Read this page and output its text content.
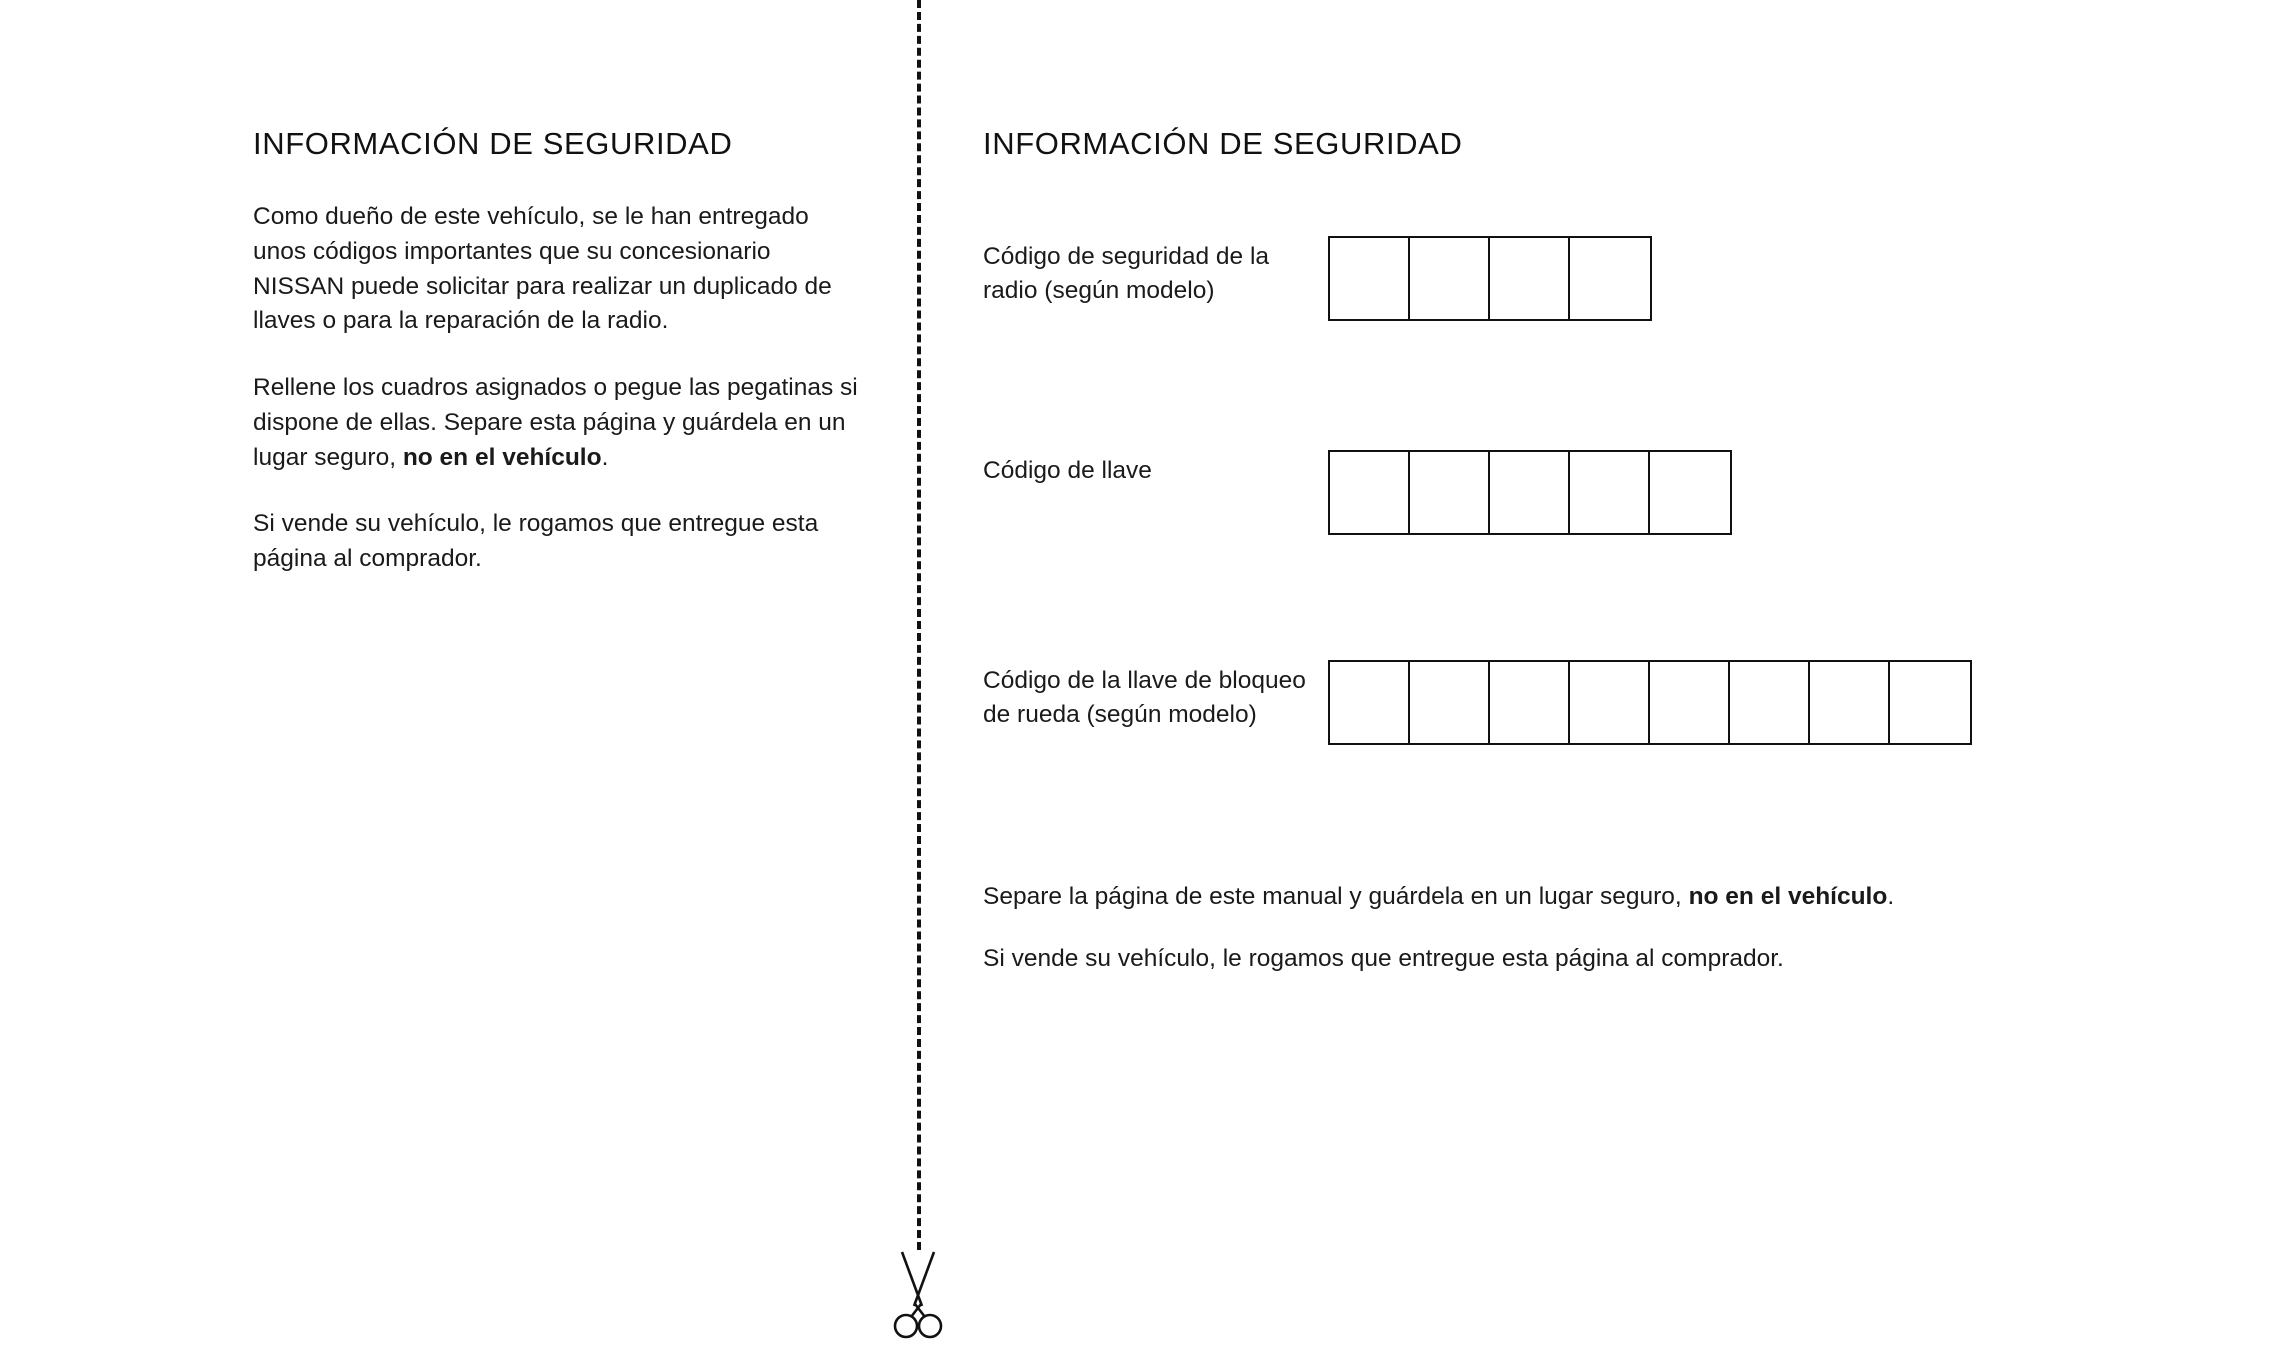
INFORMACIÓN DE SEGURIDAD

Como dueño de este vehículo, se le han entregado unos códigos importantes que su concesionario NISSAN puede solicitar para realizar un duplicado de llaves o para la reparación de la radio.

Rellene los cuadros asignados o pegue las pegatinas si dispone de ellas. Separe esta página y guárdela en un lugar seguro, no en el vehículo.

Si vende su vehículo, le rogamos que entregue esta página al comprador.

INFORMACIÓN DE SEGURIDAD
Código de seguridad de la radio (según modelo)
Código de llave
Código de la llave de bloqueo de rueda (según modelo)

Separe la página de este manual y guárdela en un lugar seguro, no en el vehículo.

Si vende su vehículo, le rogamos que entregue esta página al comprador.
